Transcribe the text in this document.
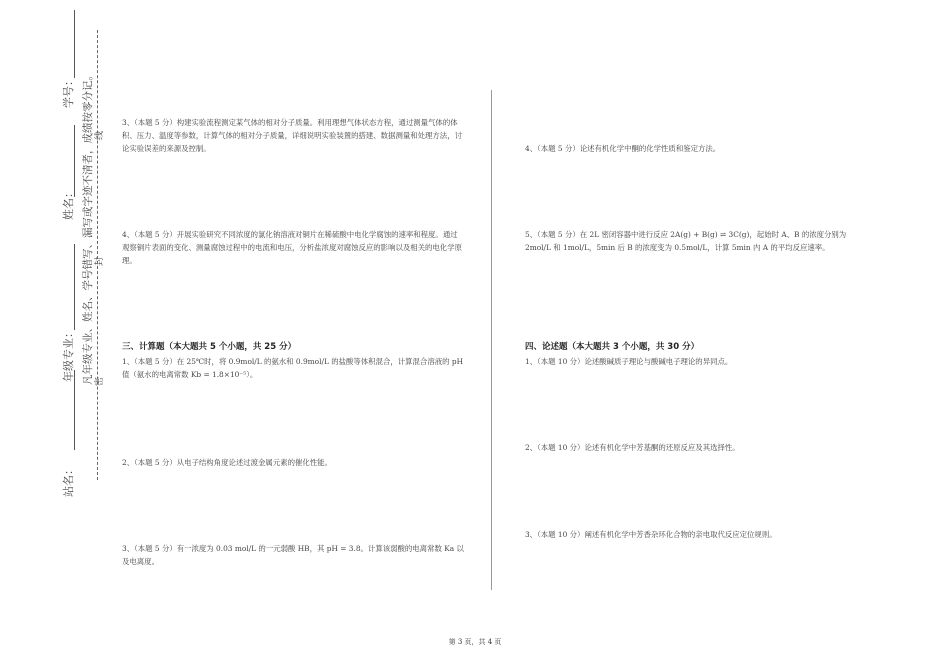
学号：
姓名：
年级专业：
站名：
凡年级专业、姓名、学号错写、漏写或字迹不清者，成绩按零分记。 密
封
线
3、（本题 5 分）构建实验流程测定某气体的相对分子质量。利用理想气体状态方程，通过测量气体的体积、压力、温度等参数，计算气体的相对分子质量，详细说明实验装置的搭建、数据测量和处理方法，讨论实验误差的来源及控制。
4、（本题 5 分）开展实验研究不同浓度的氯化钠溶液对铜片在稀硫酸中电化学腐蚀的速率和程度。通过观察铜片表面的变化、测量腐蚀过程中的电流和电压，分析盐浓度对腐蚀反应的影响以及相关的电化学原理。
三、计算题（本大题共 5 个小题，共 25 分）
1、（本题 5 分）在 25℃时，将 0.9mol/L 的氨水和 0.9mol/L 的盐酸等体积混合，计算混合溶液的 pH 值（氨水的电离常数 Kb = 1.8×10⁻⁵）。
2、（本题 5 分）从电子结构角度论述过渡金属元素的催化性能。
3、（本题 5 分）有一浓度为 0.03 mol/L 的一元弱酸 HB，其 pH = 3.8。计算该弱酸的电离常数 Ka 以及电离度。
4、（本题 5 分）论述有机化学中酮的化学性质和鉴定方法。
5、（本题 5 分）在 2L 密闭容器中进行反应 2A(g) + B(g) ⇌ 3C(g)，起始时 A、B 的浓度分别为 2mol/L 和 1mol/L，5min 后 B 的浓度变为 0.5mol/L，计算 5min 内 A 的平均反应速率。
四、论述题（本大题共 3 个小题，共 30 分）
1、（本题 10 分）论述酸碱质子理论与酸碱电子理论的异同点。
2、（本题 10 分）论述有机化学中芳基酮的还原反应及其选择性。
3、（本题 10 分）阐述有机化学中芳香杂环化合物的亲电取代反应定位规则。
第 3 页，共 4 页
